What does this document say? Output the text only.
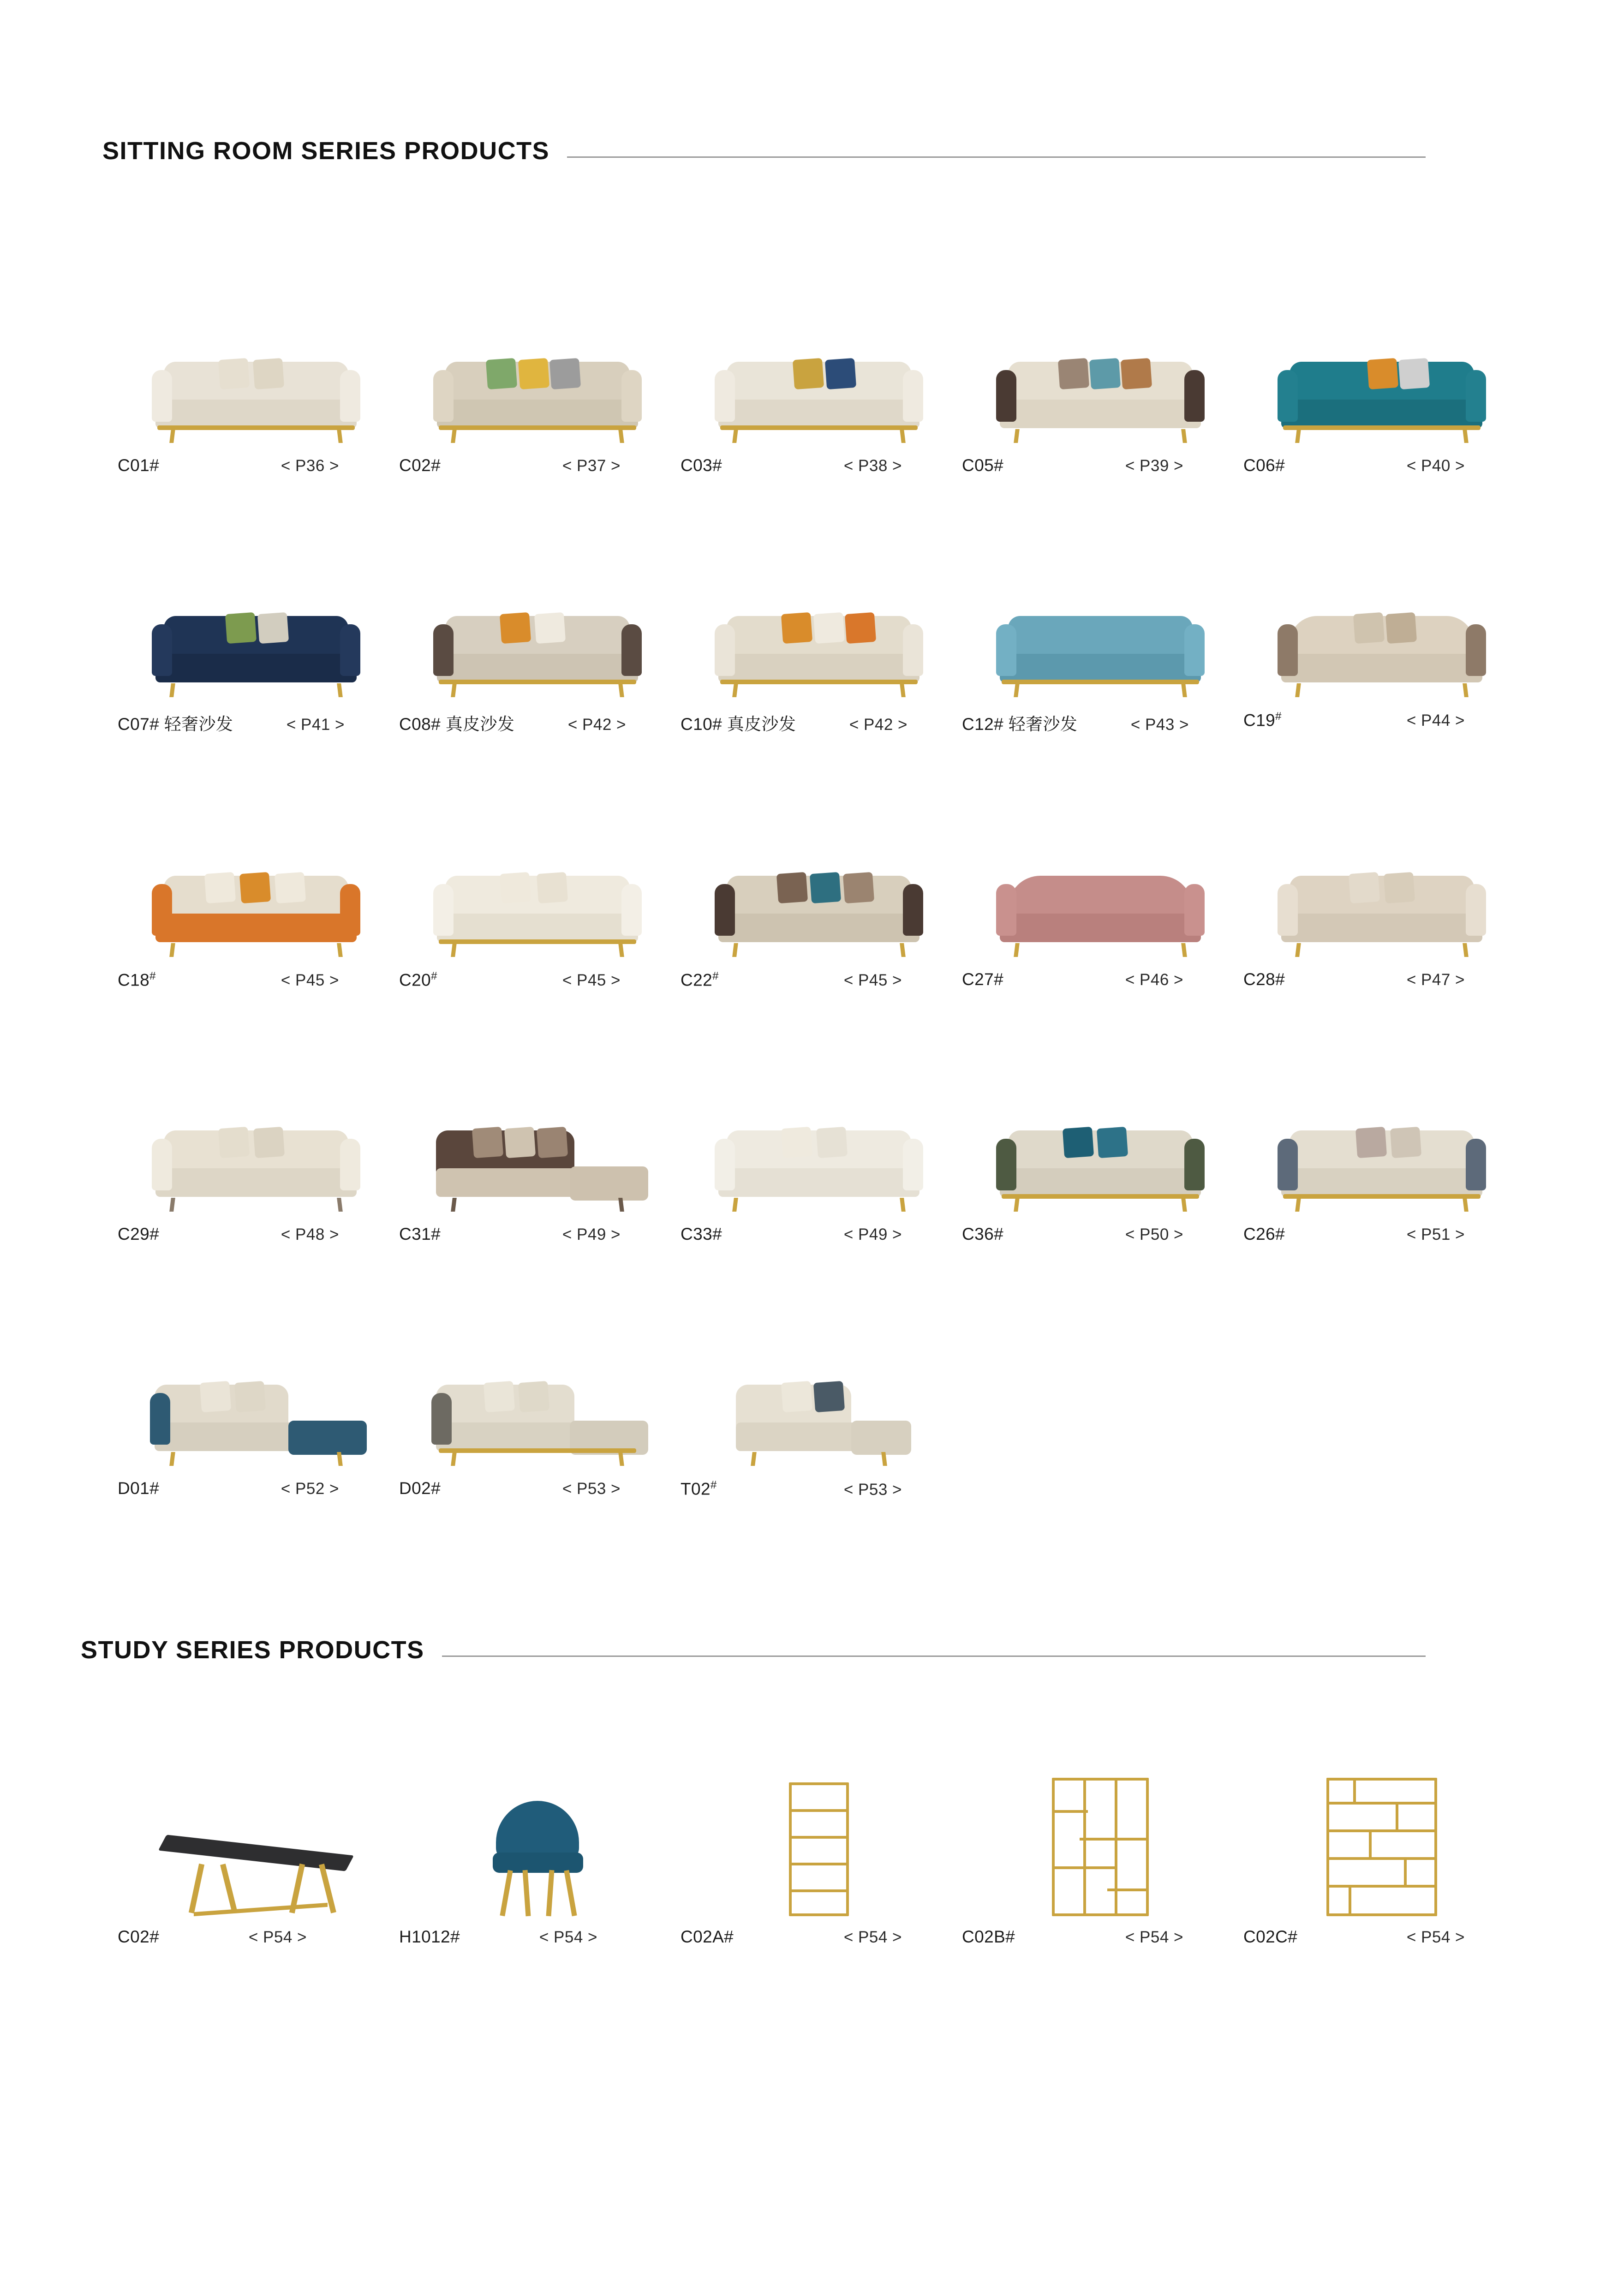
SITTING ROOM SERIES PRODUCTS
C01#	< P36 >	C02#	< P37 >	C03#	< P38 >	C05#	< P39 >	C06#	< P40 >
C07# 轻奢沙发	< P41 >	C08# 真皮沙发	< P42 >	C10# 真皮沙发	< P42 >	C12# 轻奢沙发	< P43 >	C19#	< P44 >
C18#	< P45 >	C20#	< P45 >	C22#	< P45 >	C27#	< P46 >	C28#	< P47 >
C29#	< P48 >	C31#	< P49 >	C33#	< P49 >	C36#	< P50 >	C26#	< P51 >
D01#	< P52 >	D02#	< P53 >	T02#	< P53 >
STUDY SERIES PRODUCTS
C02#	< P54 >	H1012#	< P54 >	C02A#	< P54 >	C02B#	< P54 >	C02C#	< P54 >
